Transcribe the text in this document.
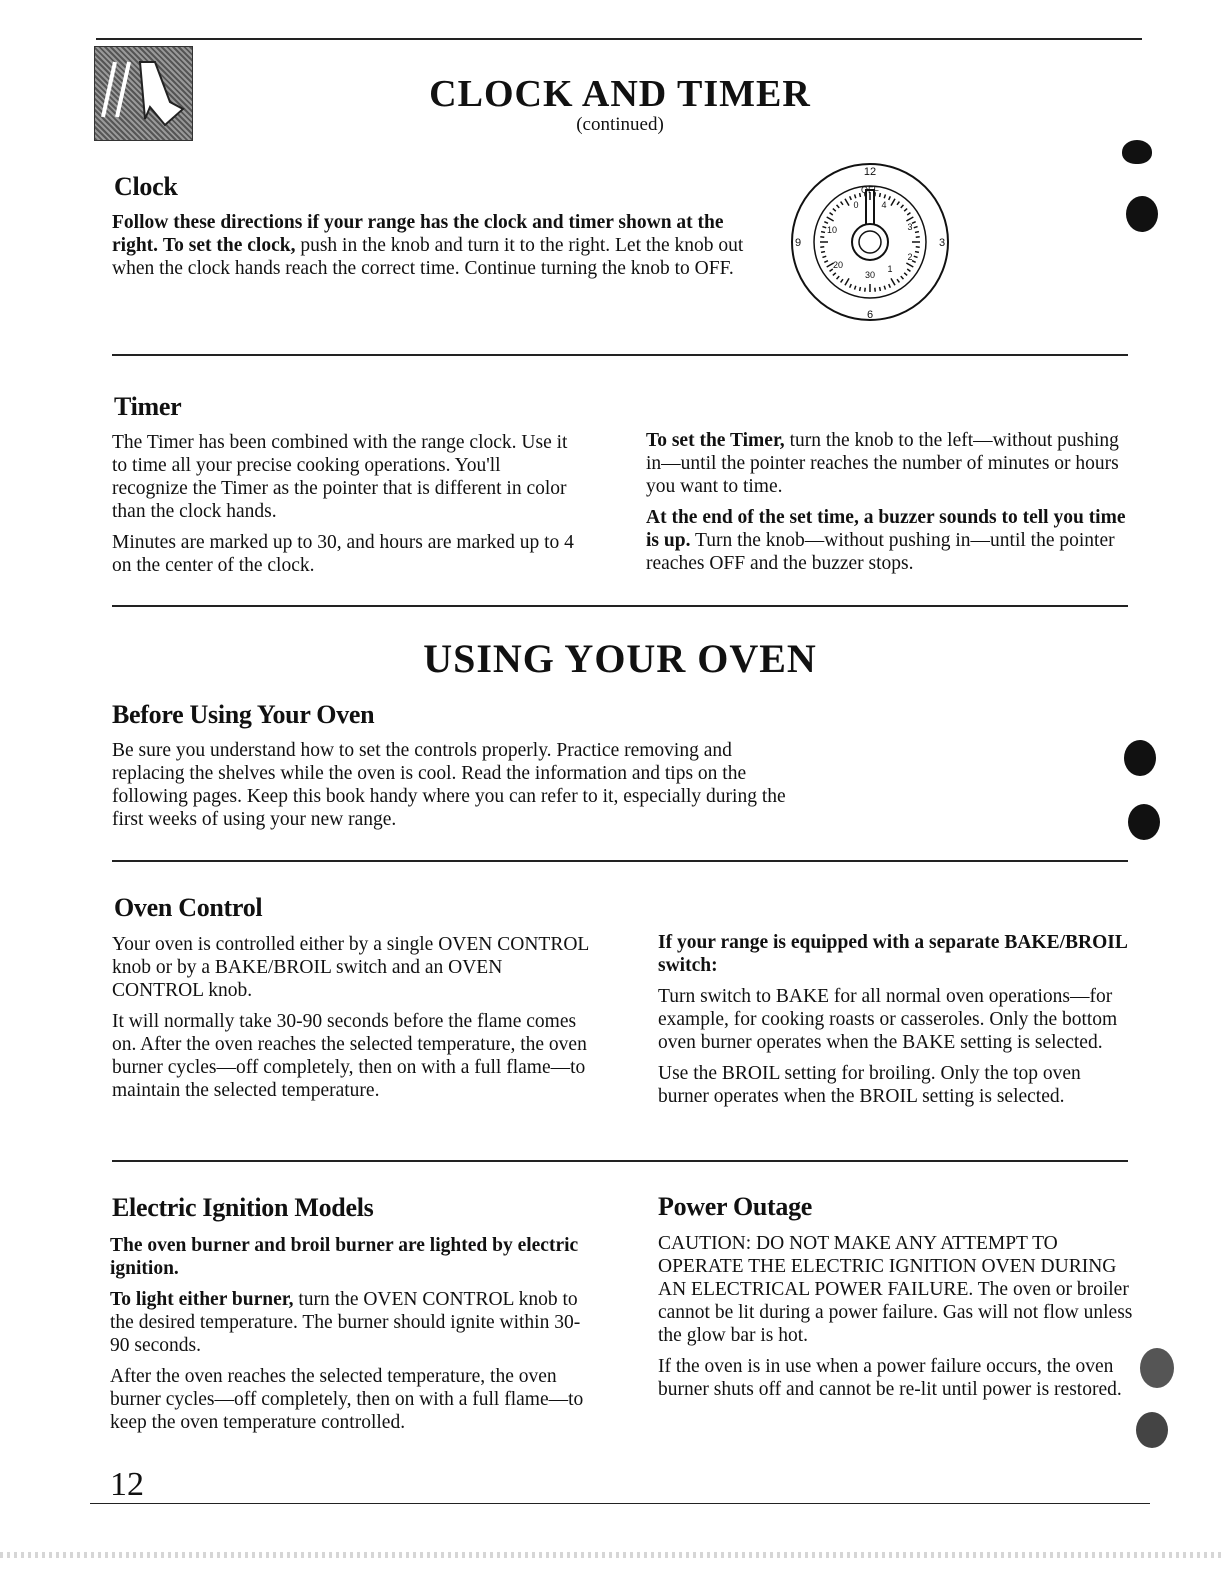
CLOCK AND TIMER
(continued)
Clock
Follow these directions if your range has the clock and timer shown at the right. To set the clock, push in the knob and turn it to the right. Let the knob out when the clock hands reach the correct time. Continue turning the knob to OFF.
12
3
6
9
OFF
0	4
10	3
2
20
30
1
Timer

The Timer has been combined with the range clock. Use it to time all your precise cooking operations. You'll recognize the Timer as the pointer that is different in color than the clock hands.

Minutes are marked up to 30, and hours are marked up to 4 on the center of the clock.

To set the Timer, turn the knob to the left—without pushing in—until the pointer reaches the number of minutes or hours you want to time.

At the end of the set time, a buzzer sounds to tell you time is up. Turn the knob—without pushing in—until the pointer reaches OFF and the buzzer stops.

USING YOUR OVEN
Before Using Your Oven
Be sure you understand how to set the controls properly. Practice removing and replacing the shelves while the oven is cool. Read the information and tips on the following pages. Keep this book handy where you can refer to it, especially during the first weeks of using your new range.
Oven Control

Your oven is controlled either by a single OVEN CONTROL knob or by a BAKE/BROIL switch and an OVEN CONTROL knob.

It will normally take 30-90 seconds before the flame comes on. After the oven reaches the selected temperature, the oven burner cycles—off completely, then on with a full flame—to maintain the selected temperature.

If your range is equipped with a separate BAKE/BROIL switch:

Turn switch to BAKE for all normal oven operations—for example, for cooking roasts or casseroles. Only the bottom oven burner operates when the BAKE setting is selected.

Use the BROIL setting for broiling. Only the top oven burner operates when the BROIL setting is selected.

Electric Ignition Models

The oven burner and broil burner are lighted by electric ignition.

To light either burner, turn the OVEN CONTROL knob to the desired temperature. The burner should ignite within 30-90 seconds.

After the oven reaches the selected temperature, the oven burner cycles—off completely, then on with a full flame—to keep the oven temperature controlled.

Power Outage

CAUTION: DO NOT MAKE ANY ATTEMPT TO OPERATE THE ELECTRIC IGNITION OVEN DURING AN ELECTRICAL POWER FAILURE. The oven or broiler cannot be lit during a power failure. Gas will not flow unless the glow bar is hot.

If the oven is in use when a power failure occurs, the oven burner shuts off and cannot be re-lit until power is restored.

12
